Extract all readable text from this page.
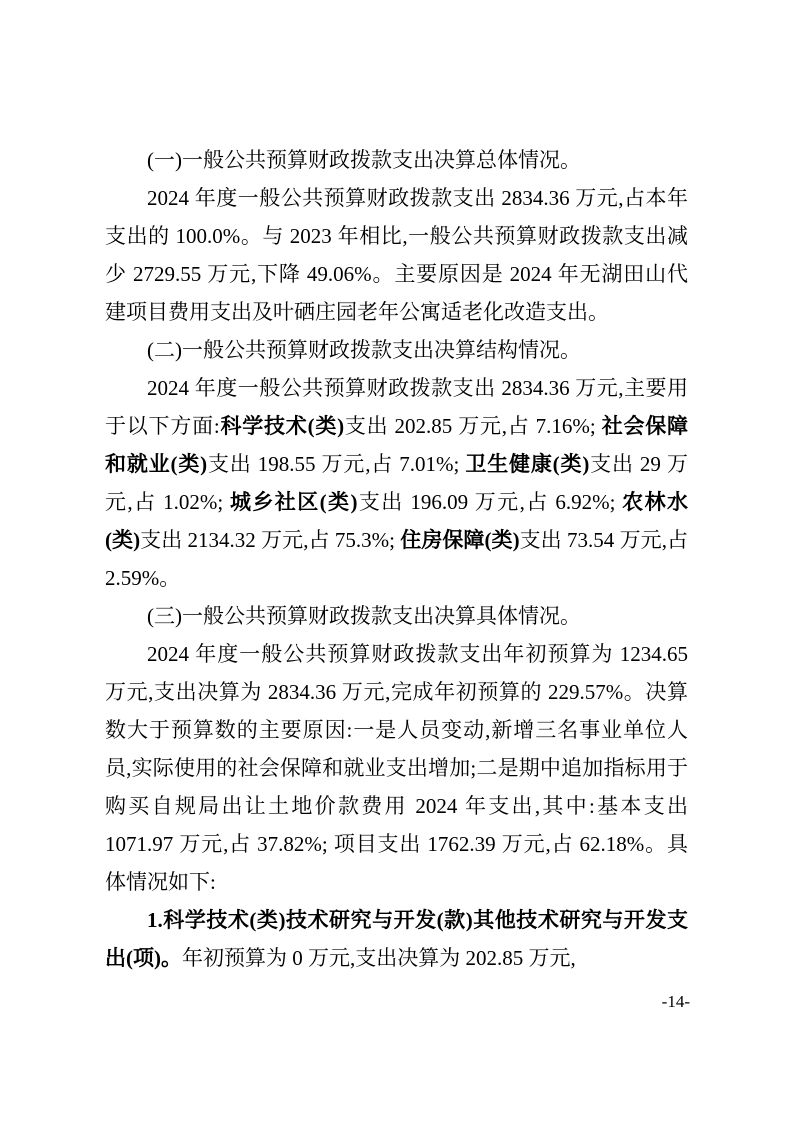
(一)一般公共预算财政拨款支出决算总体情况。

2024 年度一般公共预算财政拨款支出 2834.36 万元,占本年支出的 100.0%。与 2023 年相比,一般公共预算财政拨款支出减少 2729.55 万元,下降 49.06%。主要原因是 2024 年无湖田山代建项目费用支出及叶硒庄园老年公寓适老化改造支出。

(二)一般公共预算财政拨款支出决算结构情况。

2024 年度一般公共预算财政拨款支出 2834.36 万元,主要用于以下方面:科学技术(类)支出 202.85 万元,占 7.16%; 社会保障和就业(类)支出 198.55 万元,占 7.01%; 卫生健康(类)支出 29 万元,占 1.02%; 城乡社区(类)支出 196.09 万元,占 6.92%; 农林水(类)支出 2134.32 万元,占 75.3%; 住房保障(类)支出 73.54 万元,占 2.59%。

(三)一般公共预算财政拨款支出决算具体情况。

2024 年度一般公共预算财政拨款支出年初预算为 1234.65 万元,支出决算为 2834.36 万元,完成年初预算的 229.57%。决算数大于预算数的主要原因:一是人员变动,新增三名事业单位人员,实际使用的社会保障和就业支出增加;二是期中追加指标用于购买自规局出让土地价款费用 2024 年支出,其中:基本支出 1071.97 万元,占 37.82%; 项目支出 1762.39 万元,占 62.18%。具体情况如下:

1.科学技术(类)技术研究与开发(款)其他技术研究与开发支出(项)。年初预算为 0 万元,支出决算为 202.85 万元,

-14-
